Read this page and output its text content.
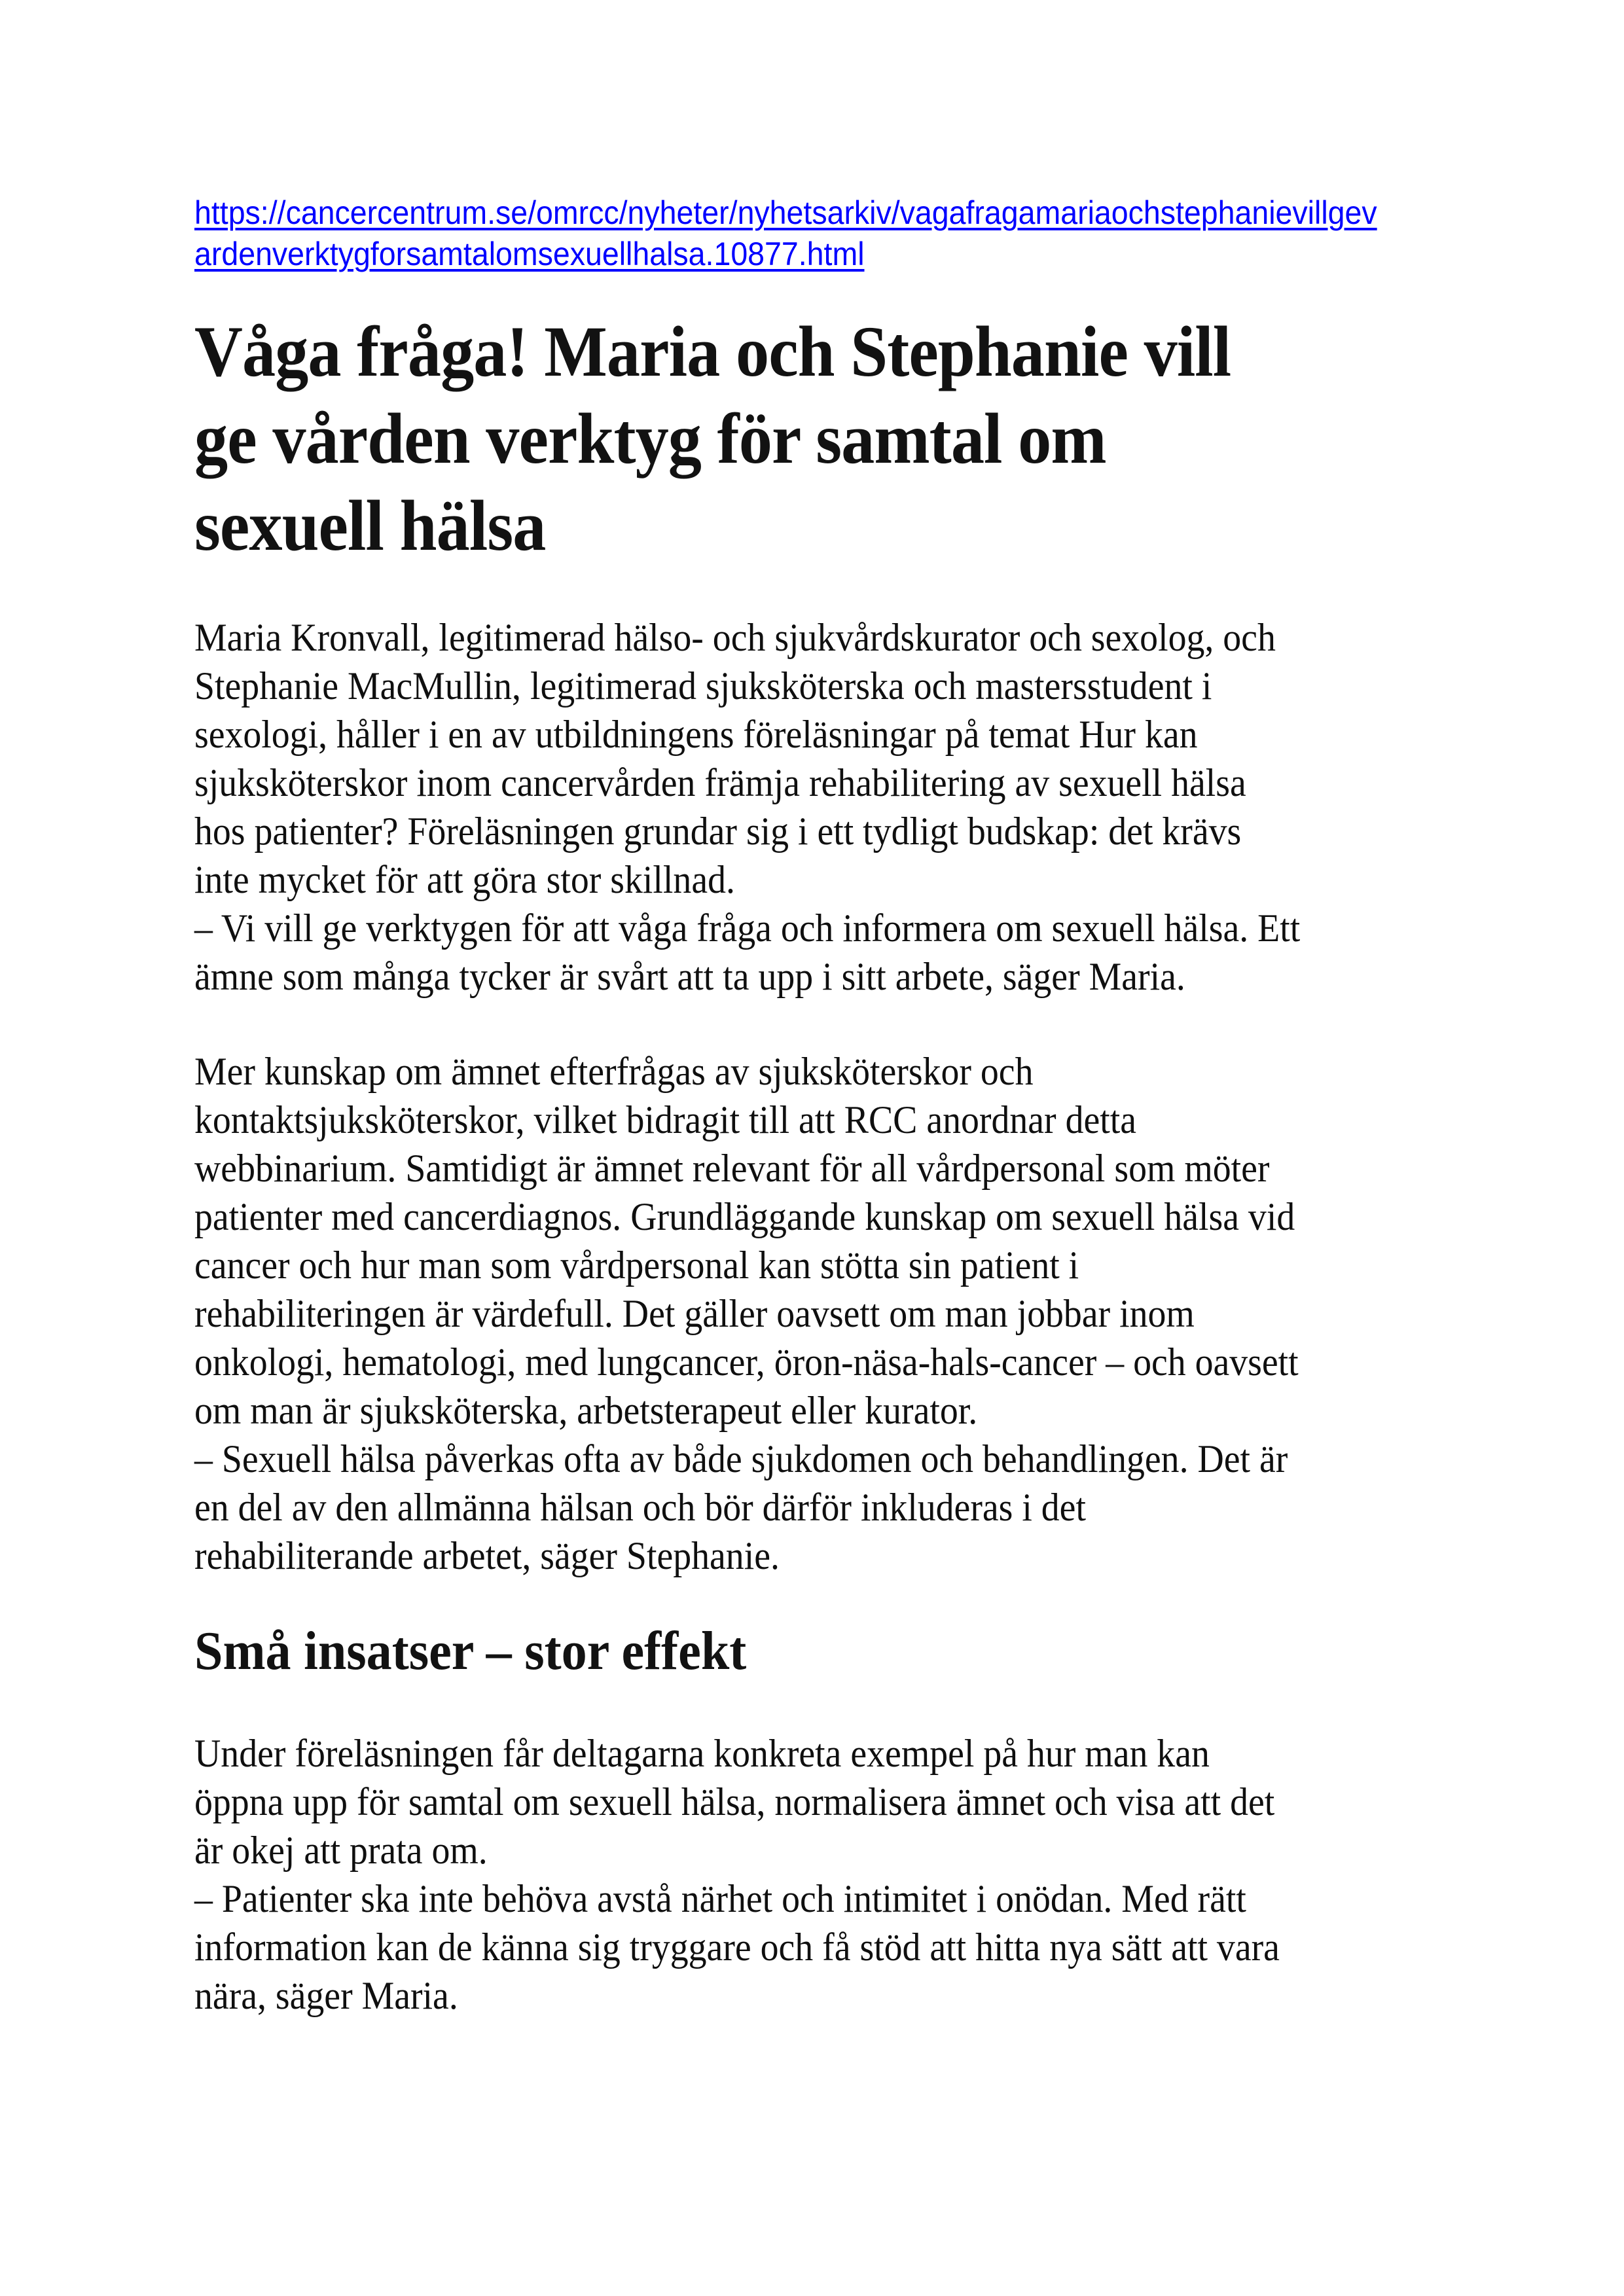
https://cancercentrum.se/omrcc/nyheter/nyhetsarkiv/vagafragamariaochstephanievillgev
ardenverktygforsamtalomsexuellhalsa.10877.html
Våga fråga! Maria och Stephanie vill
ge vården verktyg för samtal om
sexuell hälsa
Maria Kronvall, legitimerad hälso- och sjukvårdskurator och sexolog, och
Stephanie MacMullin, legitimerad sjuksköterska och mastersstudent i
sexologi, håller i en av utbildningens föreläsningar på temat Hur kan
sjuksköterskor inom cancervården främja rehabilitering av sexuell hälsa
hos patienter? Föreläsningen grundar sig i ett tydligt budskap: det krävs
inte mycket för att göra stor skillnad.
– Vi vill ge verktygen för att våga fråga och informera om sexuell hälsa. Ett
ämne som många tycker är svårt att ta upp i sitt arbete, säger Maria.
Mer kunskap om ämnet efterfrågas av sjuksköterskor och
kontaktsjuksköterskor, vilket bidragit till att RCC anordnar detta
webbinarium. Samtidigt är ämnet relevant för all vårdpersonal som möter
patienter med cancerdiagnos. Grundläggande kunskap om sexuell hälsa vid
cancer och hur man som vårdpersonal kan stötta sin patient i
rehabiliteringen är värdefull. Det gäller oavsett om man jobbar inom
onkologi, hematologi, med lungcancer, öron-näsa-hals-cancer – och oavsett
om man är sjuksköterska, arbetsterapeut eller kurator.
– Sexuell hälsa påverkas ofta av både sjukdomen och behandlingen. Det är
en del av den allmänna hälsan och bör därför inkluderas i det
rehabiliterande arbetet, säger Stephanie.
Små insatser – stor effekt
Under föreläsningen får deltagarna konkreta exempel på hur man kan
öppna upp för samtal om sexuell hälsa, normalisera ämnet och visa att det
är okej att prata om.
– Patienter ska inte behöva avstå närhet och intimitet i onödan. Med rätt
information kan de känna sig tryggare och få stöd att hitta nya sätt att vara
nära, säger Maria.
